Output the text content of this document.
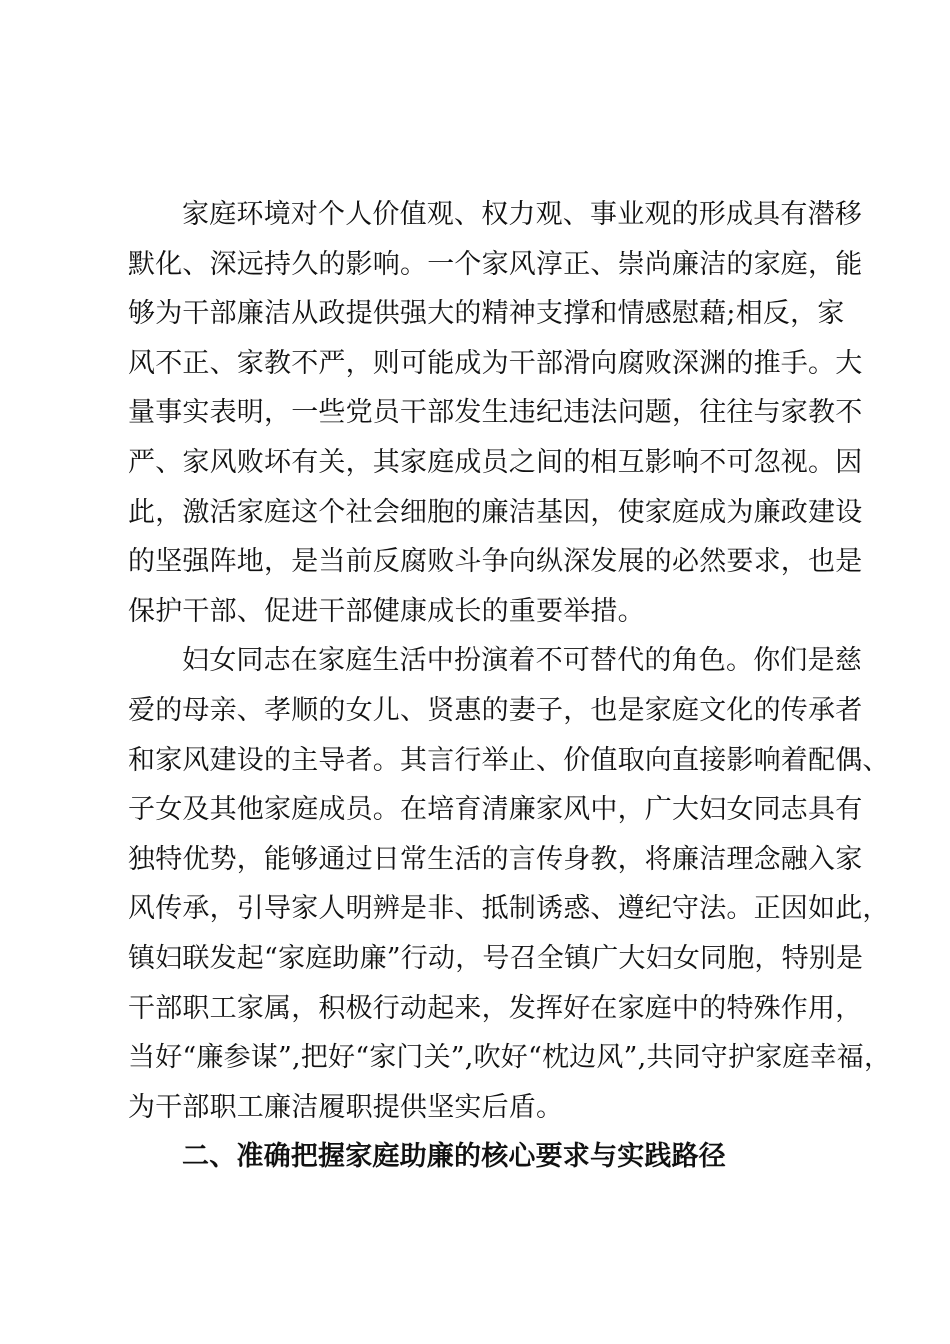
家庭环境对个人价值观、权力观、事业观的形成具有潜移
默化、深远持久的影响。一个家风淳正、崇尚廉洁的家庭，能
够为干部廉洁从政提供强大的精神支撑和情感慰藉;相反，家
风不正、家教不严，则可能成为干部滑向腐败深渊的推手。大
量事实表明，一些党员干部发生违纪违法问题，往往与家教不
严、家风败坏有关，其家庭成员之间的相互影响不可忽视。因
此，激活家庭这个社会细胞的廉洁基因，使家庭成为廉政建设
的坚强阵地，是当前反腐败斗争向纵深发展的必然要求，也是
保护干部、促进干部健康成长的重要举措。
妇女同志在家庭生活中扮演着不可替代的角色。你们是慈
爱的母亲、孝顺的女儿、贤惠的妻子，也是家庭文化的传承者
和家风建设的主导者。其言行举止、价值取向直接影响着配偶、
子女及其他家庭成员。在培育清廉家风中，广大妇女同志具有
独特优势，能够通过日常生活的言传身教，将廉洁理念融入家
风传承，引导家人明辨是非、抵制诱惑、遵纪守法。正因如此，
镇妇联发起“家庭助廉”行动，号召全镇广大妇女同胞，特别是
干部职工家属，积极行动起来，发挥好在家庭中的特殊作用，
当好“廉参谋”,把好“家门关”,吹好“枕边风”,共同守护家庭幸福，
为干部职工廉洁履职提供坚实后盾。
二、准确把握家庭助廉的核心要求与实践路径
